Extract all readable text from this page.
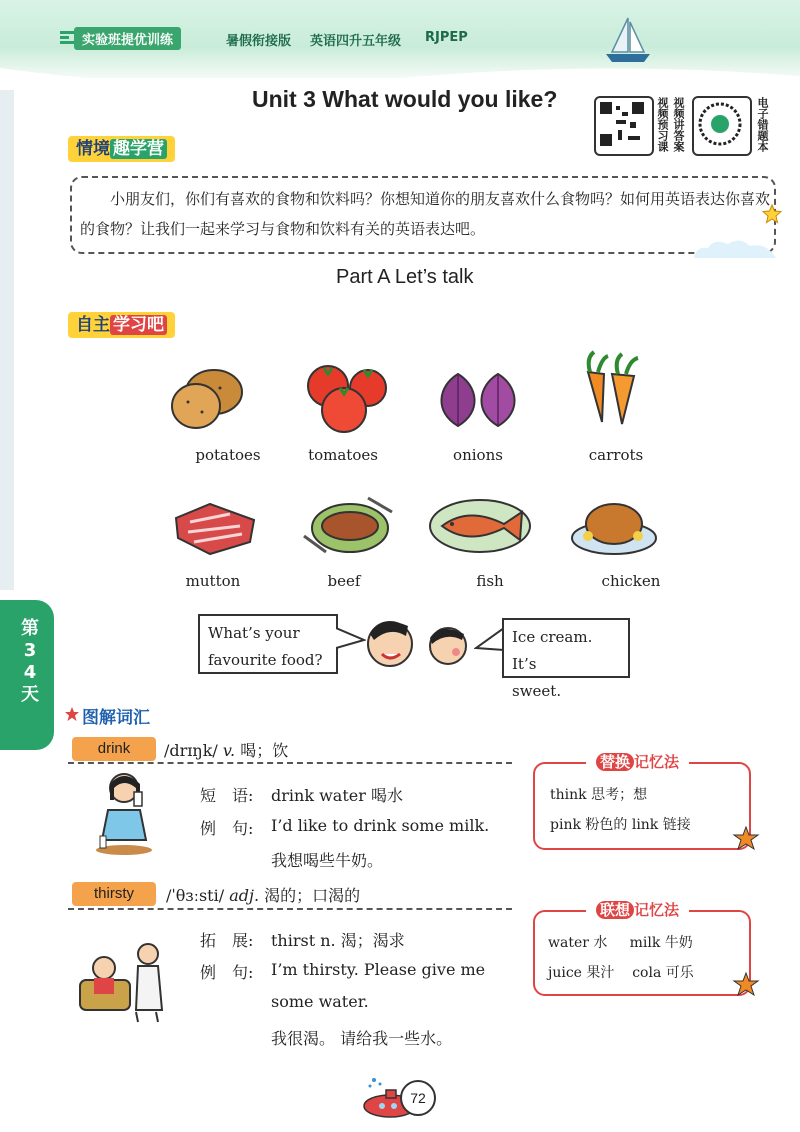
实验班提优训练	暑假衔接版 英语四升五年级 RJPEP
第34天
Unit 3 What would you like?	视频预习课 视频讲答案	电子错题本
情境 趣学营
小朋友们，你们有喜欢的食物和饮料吗？你想知道你的朋友喜欢什么食物吗？如何用英语表达你喜欢的食物？让我们一起来学习与食物和饮料有关的英语表达吧。
Part A Let’s talk
自主 学习吧
potatoes	tomatoes	onions	carrots
mutton	beef	fish	chicken
What’s your
favourite food?
Ice cream. It’s
sweet.
图解词汇
drink	/drɪŋk/ v. 喝；饮
短　语: drink water 喝水
例　句: I’d like to drink some milk.
我想喝些牛奶。
替换 记忆法
think 思考；想
pink 粉色的 link 链接
thirsty	/ˈθɜːsti/ adj. 渴的；口渴的
拓　展: thirst n. 渴；渴求
例　句: I’m thirsty. Please give me
some water.
我很渴。 请给我一些水。
联想 记忆法
water 水     milk 牛奶
juice 果汁    cola 可乐
72
